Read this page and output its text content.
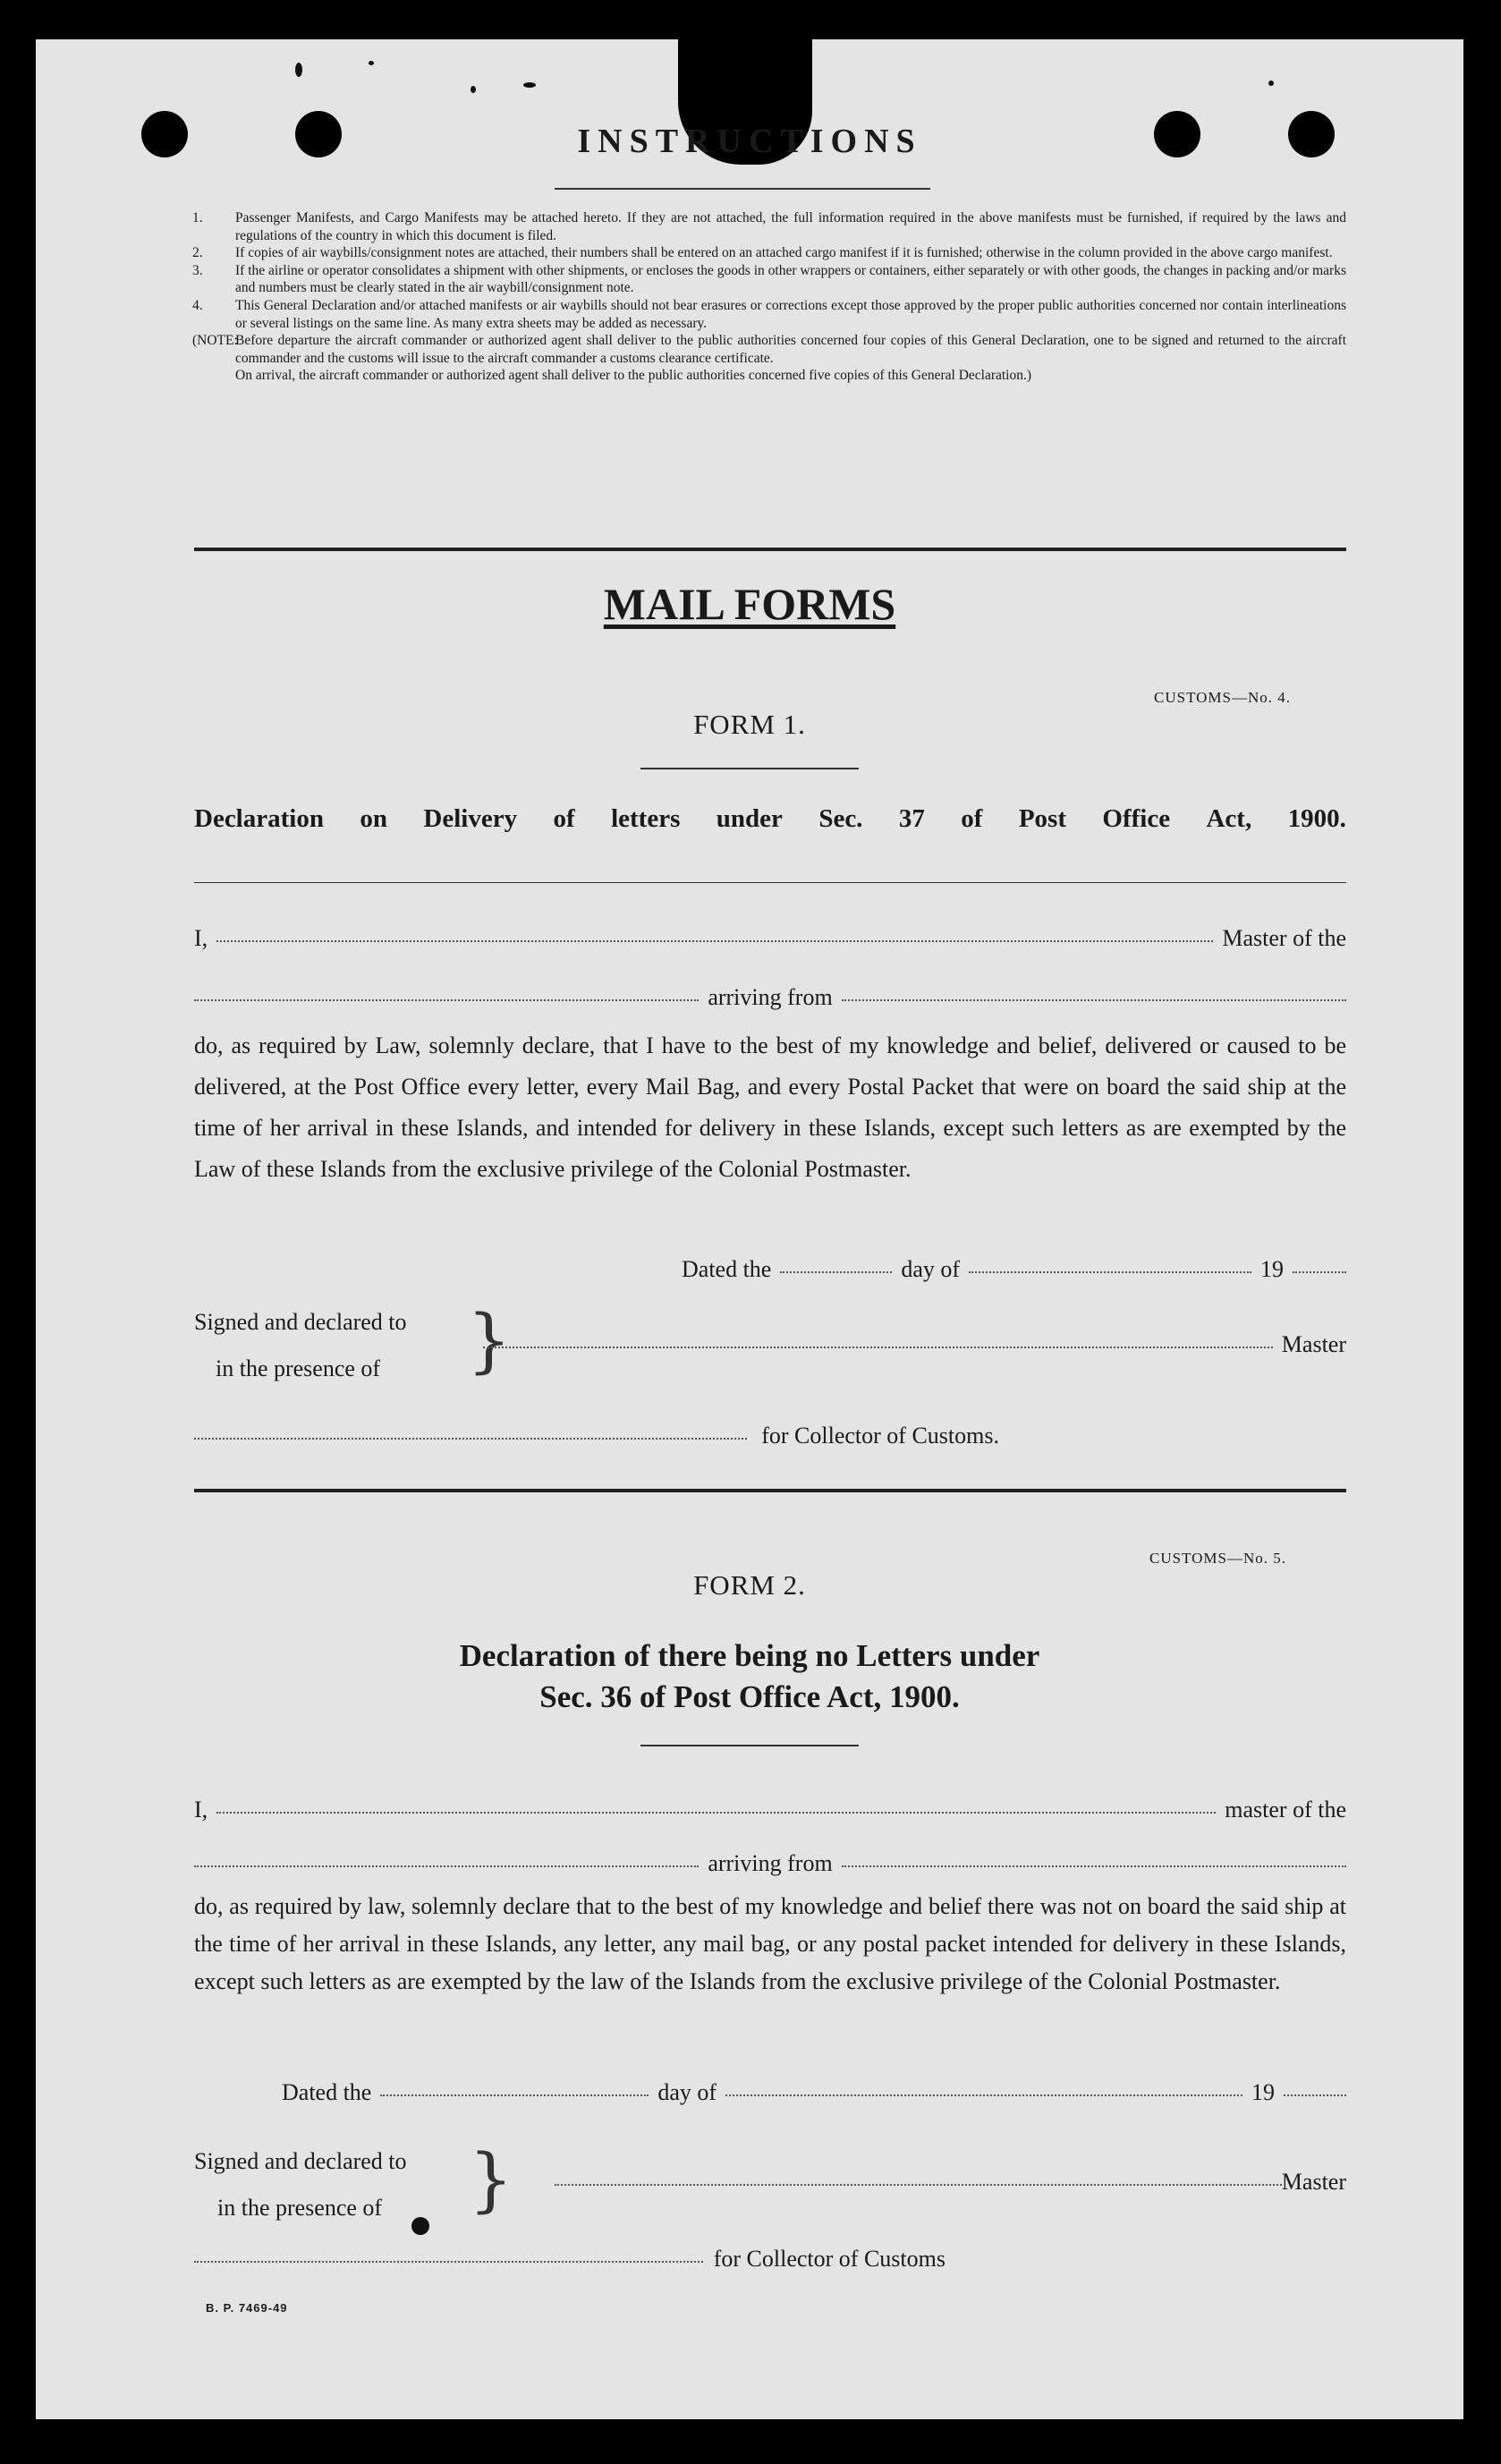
INSTRUCTIONS
1.	Passenger Manifests, and Cargo Manifests may be attached hereto. If they are not attached, the full information required in the above manifests must be furnished, if required by the laws and regulations of the country in which this document is filed.
2.	If copies of air waybills/consignment notes are attached, their numbers shall be entered on an attached cargo manifest if it is furnished; otherwise in the column provided in the above cargo manifest.
3.	If the airline or operator consolidates a shipment with other shipments, or encloses the goods in other wrappers or containers, either separately or with other goods, the changes in packing and/or marks and numbers must be clearly stated in the air waybill/consignment note.
4.	This General Declaration and/or attached manifests or air waybills should not bear erasures or corrections except those approved by the proper public authorities concerned nor contain interlineations or several listings on the same line. As many extra sheets may be added as necessary.
(NOTE:
Before departure the aircraft commander or authorized agent shall deliver to the public authorities concerned four copies of this General Declaration, one to be signed and returned to the aircraft commander and the customs will issue to the aircraft commander a customs clearance certificate.
On arrival, the aircraft commander or authorized agent shall deliver to the public authorities concerned five copies of this General Declaration.)
MAIL FORMS
CUSTOMS—No. 4.
FORM 1.
Declaration on Delivery of letters under Sec. 37 of Post Office Act, 1900.
I,	Master of the
arriving from
do, as required by Law, solemnly declare, that I have to the best of my knowledge and belief, delivered or caused to be delivered, at the Post Office every letter, every Mail Bag, and every Postal Packet that were on board the said ship at the time of her arrival in these Islands, and intended for delivery in these Islands, except such letters as are exempted by the Law of these Islands from the exclusive privilege of the Colonial Postmaster.
Dated the	day of	19
Signed and declared to
in the presence of	}	Master
for Collector of Customs.
CUSTOMS—No. 5.
FORM 2.
Declaration of there being no Letters under
Sec. 36 of Post Office Act, 1900.
I,	master of the
arriving from
do, as required by law, solemnly declare that to the best of my knowledge and belief there was not on board the said ship at the time of her arrival in these Islands, any letter, any mail bag, or any postal packet intended for delivery in these Islands, except such letters as are exempted by the law of the Islands from the exclusive privilege of the Colonial Postmaster.
Dated the	day of	19
Signed and declared to
in the presence of	}	Master
for Collector of Customs
B. P. 7469-49
